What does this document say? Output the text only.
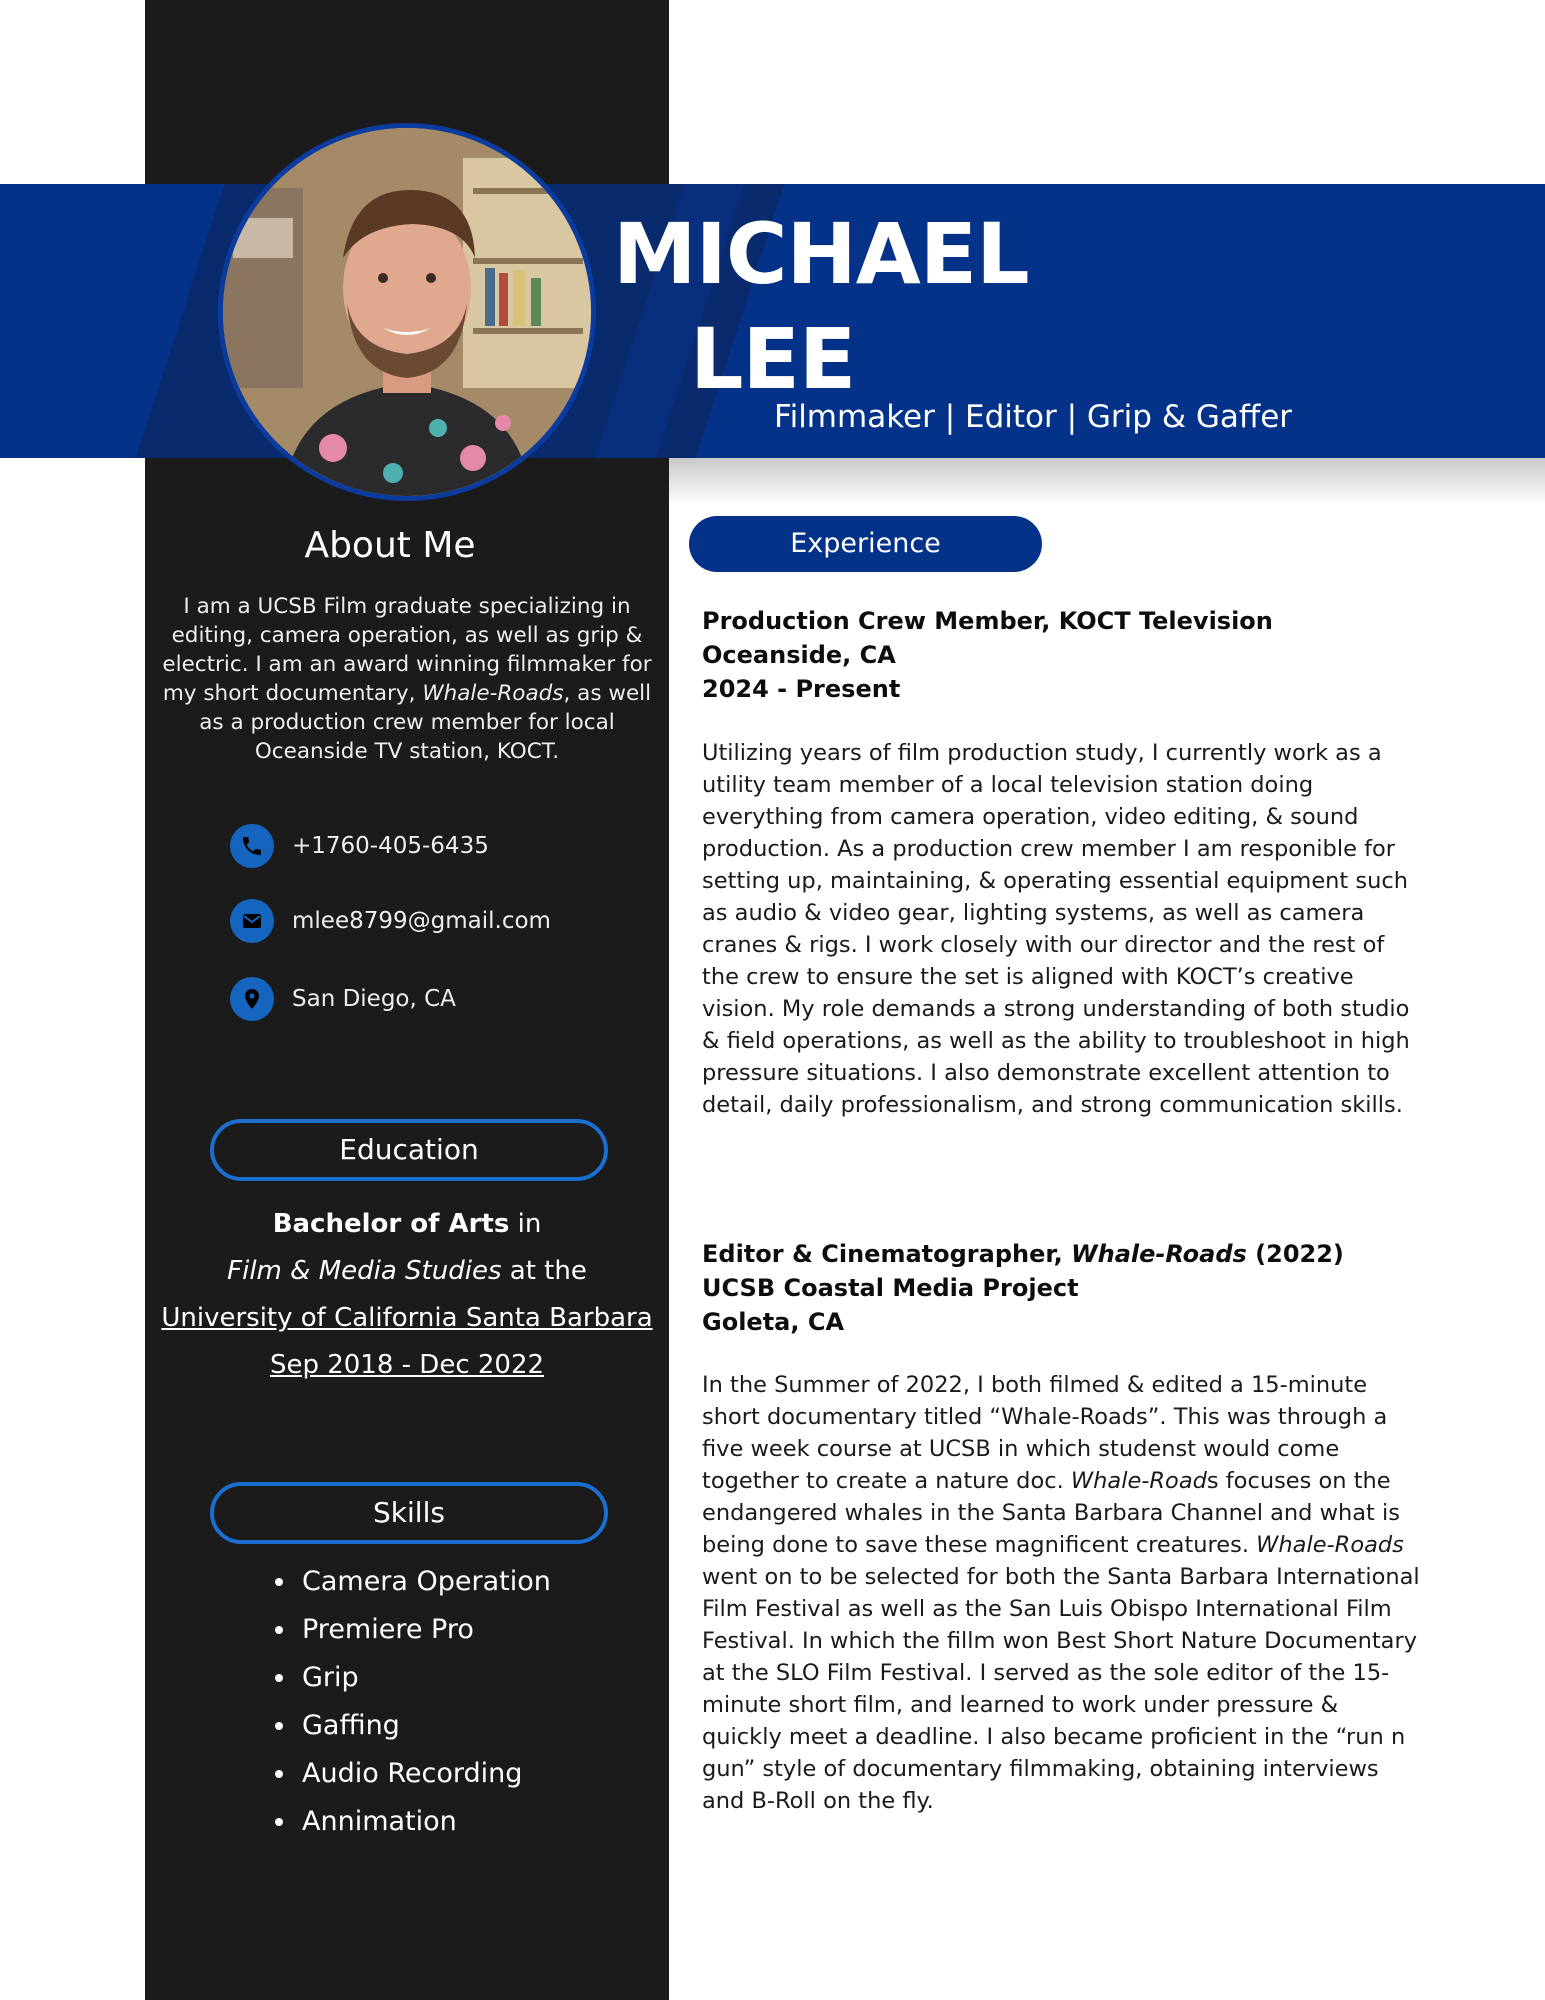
MICHAEL
LEE
Filmmaker | Editor | Grip & Gaffer
About Me
I am a UCSB Film graduate specializing in editing, camera operation, as well as grip & electric. I am an award winning filmmaker for my short documentary, Whale-Roads, as well as a production crew member for local Oceanside TV station, KOCT.
+1760-405-6435
mlee8799@gmail.com
San Diego, CA
Education
Bachelor of Arts in
Film & Media Studies at the
University of California Santa Barbara
Sep 2018 - Dec 2022
Skills
• Camera Operation
• Premiere Pro
• Grip
• Gaffing
• Audio Recording
• Annimation
Experience
Production Crew Member, KOCT Television
Oceanside, CA
2024 - Present
Utilizing years of film production study, I currently work as a utility team member of a local television station doing everything from camera operation, video editing, & sound production. As a production crew member I am responible for setting up, maintaining, & operating essential equipment such as audio & video gear, lighting systems, as well as camera cranes & rigs. I work closely with our director and the rest of the crew to ensure the set is aligned with KOCT’s creative vision. My role demands a strong understanding of both studio & field operations, as well as the ability to troubleshoot in high pressure situations. I also demonstrate excellent attention to detail, daily professionalism, and strong communication skills.
Editor & Cinematographer, Whale-Roads (2022)
UCSB Coastal Media Project
Goleta, CA
In the Summer of 2022, I both filmed & edited a 15-minute short documentary titled “Whale-Roads”. This was through a five week course at UCSB in which studenst would come together to create a nature doc. Whale-Roads focuses on the endangered whales in the Santa Barbara Channel and what is being done to save these magnificent creatures. Whale-Roads went on to be selected for both the Santa Barbara International Film Festival as well as the San Luis Obispo International Film Festival. In which the fillm won Best Short Nature Documentary at the SLO Film Festival. I served as the sole editor of the 15-minute short film, and learned to work under pressure & quickly meet a deadline. I also became proficient in the “run n gun” style of documentary filmmaking, obtaining interviews and B-Roll on the fly.
